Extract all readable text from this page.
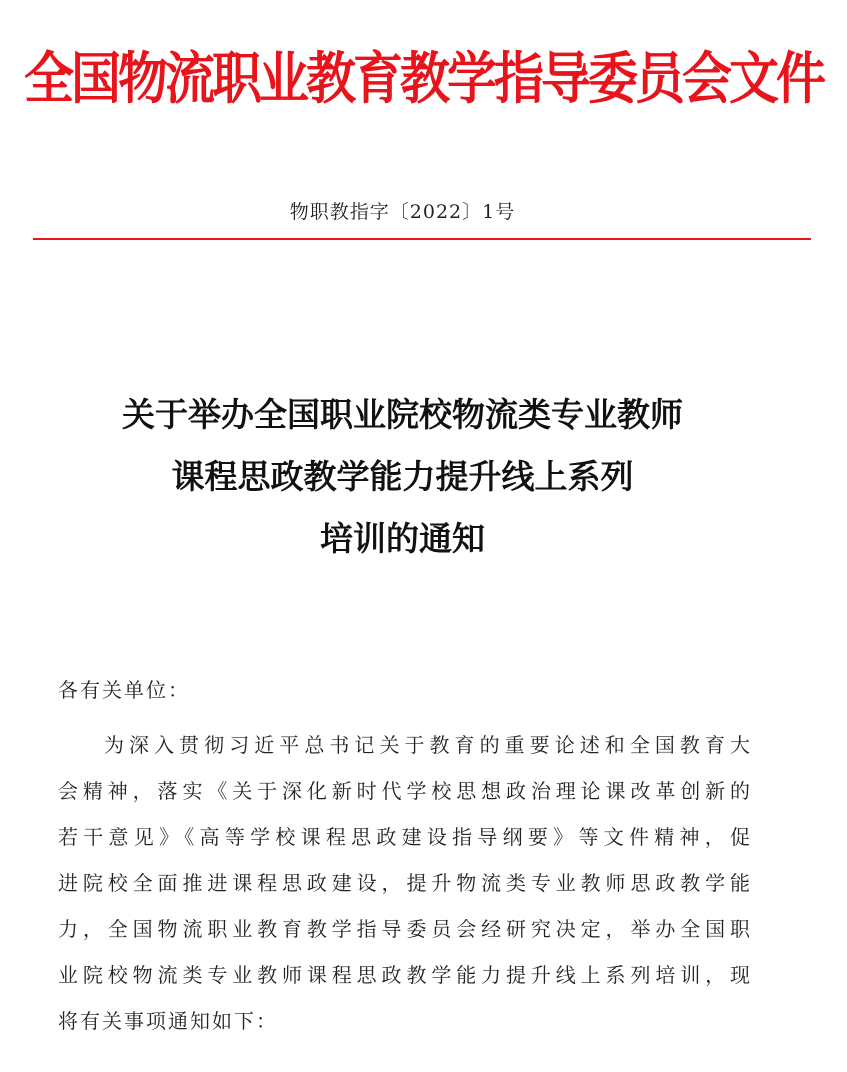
全国物流职业教育教学指导委员会文件
物职教指字〔2022〕1号
关于举办全国职业院校物流类专业教师
课程思政教学能力提升线上系列
培训的通知
各有关单位：
为深入贯彻习近平总书记关于教育的重要论述和全国教育大
会精神，落实《关于深化新时代学校思想政治理论课改革创新的
若干意见》《高等学校课程思政建设指导纲要》等文件精神，促
进院校全面推进课程思政建设，提升物流类专业教师思政教学能
力，全国物流职业教育教学指导委员会经研究决定，举办全国职
业院校物流类专业教师课程思政教学能力提升线上系列培训，现
将有关事项通知如下：
